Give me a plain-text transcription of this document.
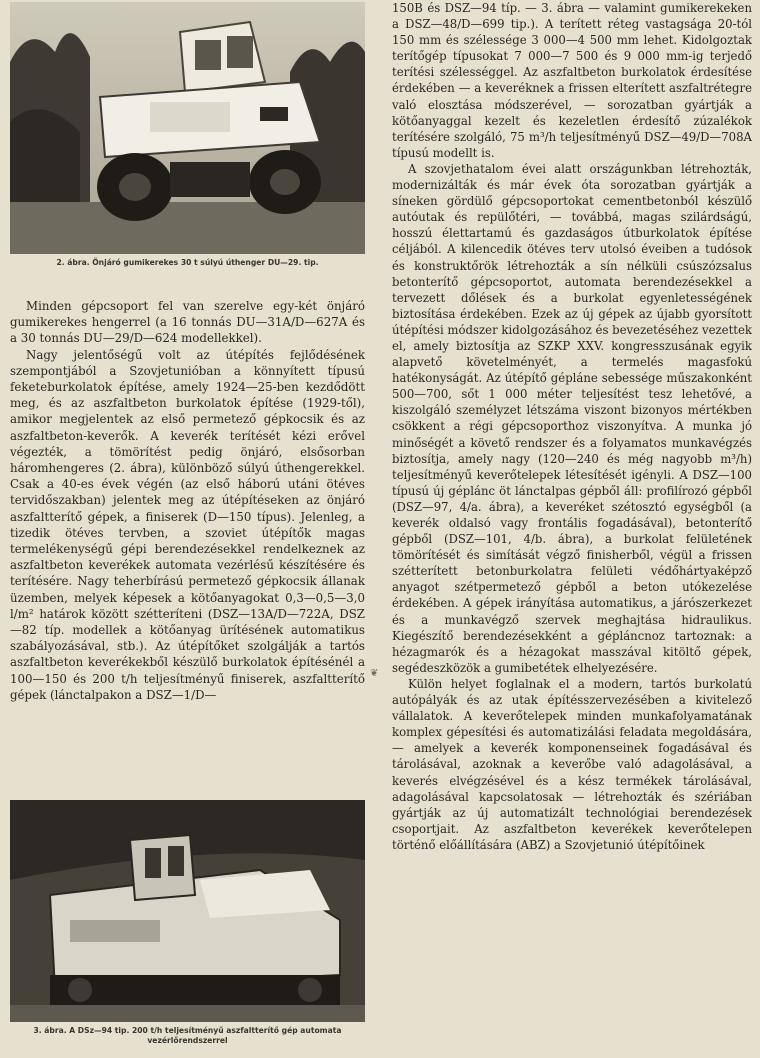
2. ábra. Önjáró gumikerekes 30 t súlyú úthenger DU—29. tip.

Minden gépcsoport fel van szerelve egy-két önjáró gumikerekes hengerrel (a 16 tonnás DU—31A/D—627A és a 30 tonnás DU—29/D—624 modellekkel).

Nagy jelentőségű volt az útépítés fejlődésének szempontjából a Szovjetunióban a könnyített típusú feketeburkolatok építése, amely 1924—25-ben kezdődött meg, és az aszfaltbeton burkolatok építése (1929-től), amikor megjelentek az első permetező gépkocsik és az aszfaltbeton-keverők. A keverék terítését kézi erővel végezték, a tömörítést pedig önjáró, elsősorban háromhengeres (2. ábra), különböző súlyú úthengerekkel. Csak a 40-es évek végén (az első háború utáni ötéves tervidőszakban) jelentek meg az útépítéseken az önjáró aszfaltterítő gépek, a finiserek (D—150 típus). Jelenleg, a tizedik ötéves tervben, a szoviet útépítők magas termelékenységű gépi berendezésekkel rendelkeznek az aszfaltbeton keverékek automata vezérlésű készítésére és terítésére. Nagy teherbírású permetező gépkocsik állanak üzemben, melyek képesek a kötőanyagokat 0,3—0,5—3,0 l/m² határok között szétteríteni (DSZ—13A/D—722A, DSZ—82 típ. modellek a kötőanyag ürítésének automatikus szabályozásával, stb.). Az útépítőket szolgálják a tartós aszfaltbeton keverékekből készülő burkolatok építésénél a 100—150 és 200 t/h teljesítményű finiserek, aszfaltterítő gépek (lánctalpakon a DSZ—1/D—

3. ábra. A DSz—94 tip. 200 t/h teljesítményű aszfaltterítő gép automata vezérlőrendszerrel
❦

150B és DSZ—94 típ. — 3. ábra — valamint gumikerekeken a DSZ—48/D—699 tip.). A terített réteg vastagsága 20-tól 150 mm és szélessége 3 000—4 500 mm lehet. Kidolgoztak terítőgép típusokat 7 000—7 500 és 9 000 mm-ig terjedő terítési szélességgel. Az aszfaltbeton burkolatok érdesítése érdekében — a keveréknek a frissen elterített aszfaltrétegre való elosztása módszerével, — sorozatban gyártják a kötőanyaggal kezelt és kezeletlen érdesítő zúzalékok terítésére szolgáló, 75 m³/h teljesítményű DSZ—49/D—708A típusú modellt is.

A szovjethatalom évei alatt országunkban létrehozták, modernizálták és már évek óta sorozatban gyártják a síneken gördülő gépcsoportokat cementbetonból készülő autóutak és repülőtéri, — továbbá, magas szilárdságú, hosszú élettartamú és gazdaságos útburkolatok építése céljából. A kilencedik ötéves terv utolsó éveiben a tudósok és konstruktőrök létrehozták a sín nélküli csúszózsalus betonterítő gépcsoportot, automata berendezésekkel a tervezett dőlések és a burkolat egyenletességének biztosítása érdekében. Ezek az új gépek az újabb gyorsított útépítési módszer kidolgozásához és bevezetéséhez vezettek el, amely biztosítja az SZKP XXV. kongresszusának egyik alapvető követelményét, a termelés magasfokú hatékonyságát. Az útépítő gépláne sebessége műszakonként 500—700, sőt 1 000 méter teljesítést tesz lehetővé, a kiszolgáló személyzet létszáma viszont bizonyos mértékben csökkent a régi gépcsoporthoz viszonyítva. A munka jó minőségét a követő rendszer és a folyamatos munkavégzés biztosítja, amely nagy (120—240 és még nagyobb m³/h) teljesítményű keverőtelepek létesítését igényli. A DSZ—100 típusú új géplánc öt lánctalpas gépből áll: profilírozó gépből (DSZ—97, 4/a. ábra), a keveréket szétosztó egységből (a keverék oldalsó vagy frontális fogadásával), betonterítő gépből (DSZ—101, 4/b. ábra), a burkolat felületének tömörítését és simítását végző finisherből, végül a frissen szétterített betonburkolatra felületi védőhártyaképző anyagot szétpermetező gépből a beton utókezelése érdekében. A gépek irányítása automatikus, a járószerkezet és a munkavégző szervek meghajtása hidraulikus. Kiegészítő berendezésekként a gépláncnoz tartoznak: a hézagmarók és a hézagokat masszával kitöltő gépek, segédeszközök a gumibetétek elhelyezésére.

Külön helyet foglalnak el a modern, tartós burkolatú autópályák és az utak építésszervezésében a kivitelező vállalatok. A keverőtelepek minden munkafolyamatának komplex gépesítési és automatizálási feladata megoldására, — amelyek a keverék komponenseinek fogadásával és tárolásával, azoknak a keverőbe való adagolásával, a keverés elvégzésével és a kész termékek tárolásával, adagolásával kapcsolatosak — létrehozták és szériában gyártják az új automatizált technológiai berendezések csoportjait. Az aszfaltbeton keverékek keverőtelepen történő előállítására (ABZ) a Szovjetunió útépítőinek
